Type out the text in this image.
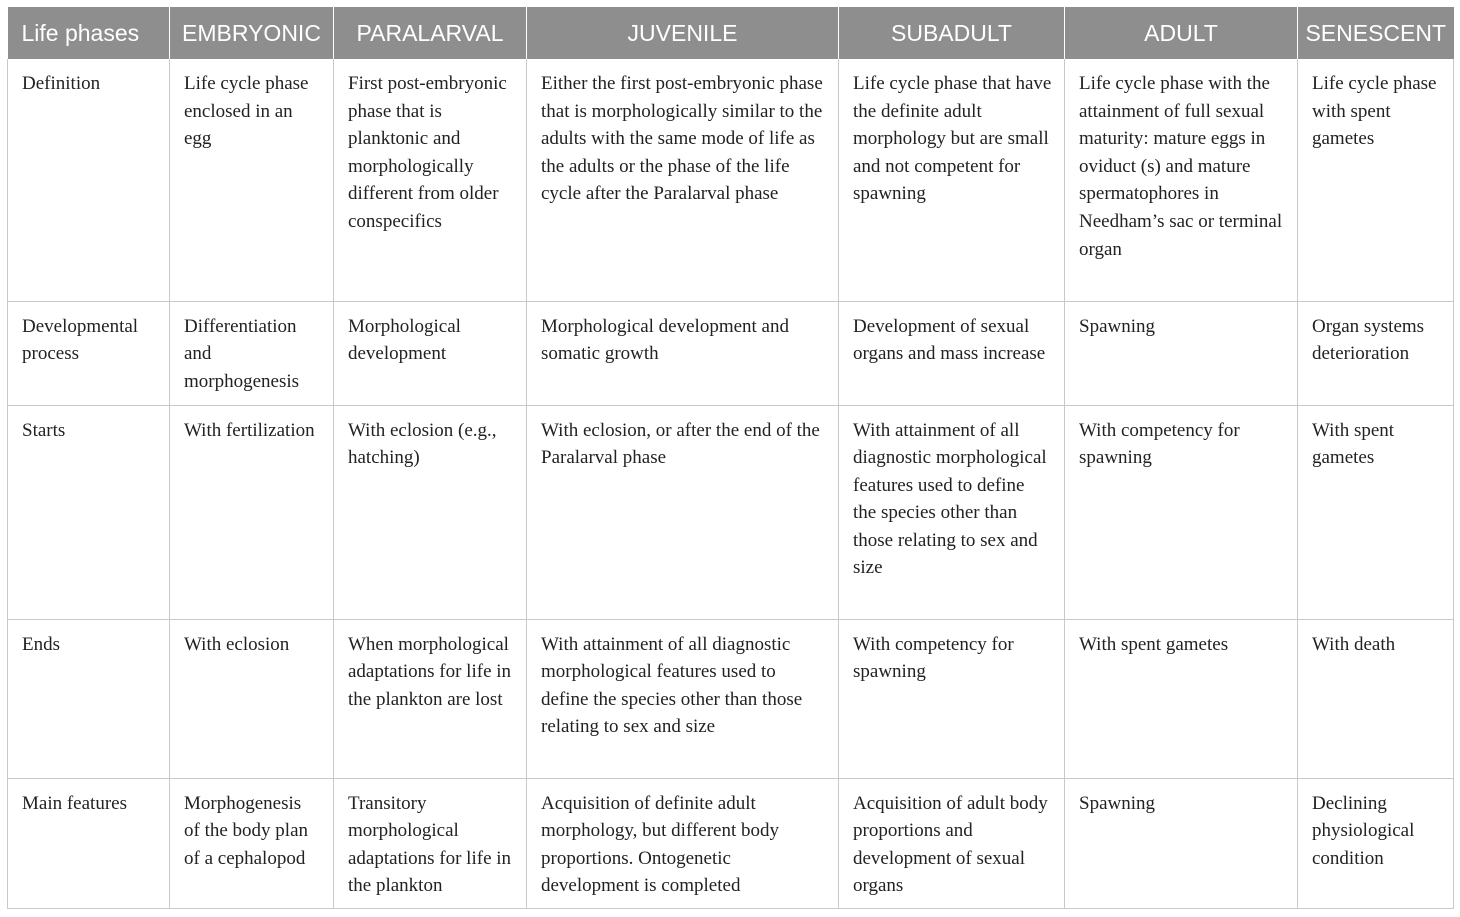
Life phases	EMBRYONIC	PARALARVAL	JUVENILE	SUBADULT	ADULT	SENESCENT
Definition	Life cycle phase enclosed in an egg	First post-embryonic phase that is planktonic and morphologically different from older conspecifics	Either the first post-embryonic phase that is morphologically similar to the adults with the same mode of life as the adults or the phase of the life cycle after the Paralarval phase	Life cycle phase that have the definite adult morphology but are small and not competent for spawning	Life cycle phase with the attainment of full sexual maturity: mature eggs in oviduct (s) and mature spermatophores in Needham’s sac or terminal organ	Life cycle phase with spent gametes
Developmental process	Differentiation and morphogenesis	Morphological development	Morphological development and somatic growth	Development of sexual organs and mass increase	Spawning	Organ systems deterioration
Starts	With fertilization	With eclosion (e.g., hatching)	With eclosion, or after the end of the Paralarval phase	With attainment of all diagnostic morphological features used to define the species other than those relating to sex and size	With competency for spawning	With spent gametes
Ends	With eclosion	When morphological adaptations for life in the plankton are lost	With attainment of all diagnostic morphological features used to define the species other than those relating to sex and size	With competency for spawning	With spent gametes	With death
Main features	Morphogenesis of the body plan of a cephalopod	Transitory morphological adaptations for life in the plankton	Acquisition of definite adult morphology, but different body proportions. Ontogenetic development is completed	Acquisition of adult body proportions and development of sexual organs	Spawning	Declining physiological condition
